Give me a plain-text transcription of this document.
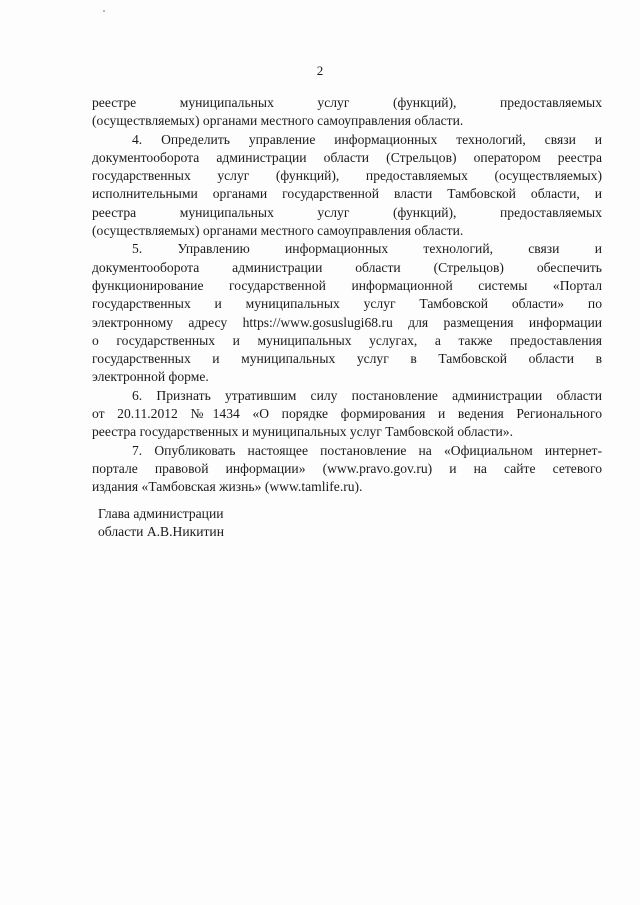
2
реестре муниципальных услуг (функций), предоставляемых
(осуществляемых) органами местного самоуправления области.
4. Определить управление информационных технологий, связи и
документооборота администрации области (Стрельцов) оператором реестра
государственных услуг (функций), предоставляемых (осуществляемых)
исполнительными органами государственной власти Тамбовской области, и
реестра муниципальных услуг (функций), предоставляемых
(осуществляемых) органами местного самоуправления области.
5. Управлению информационных технологий, связи и
документооборота администрации области (Стрельцов) обеспечить
функционирование государственной информационной системы «Портал
государственных и муниципальных услуг Тамбовской области» по
электронному адресу https://www.gosuslugi68.ru для размещения информации
о государственных и муниципальных услугах, а также предоставления
государственных и муниципальных услуг в Тамбовской области в
электронной форме.
6. Признать утратившим силу постановление администрации области
от 20.11.2012 №1434 «О порядке формирования и ведения Регионального
реестра государственных и муниципальных услуг Тамбовской области».
7. Опубликовать настоящее постановление на «Официальном интернет-
портале правовой информации» (www.pravo.gov.ru) и на сайте сетевого
издания «Тамбовская жизнь» (www.tamlife.ru).
Глава администрации
области А.В.Никитин
